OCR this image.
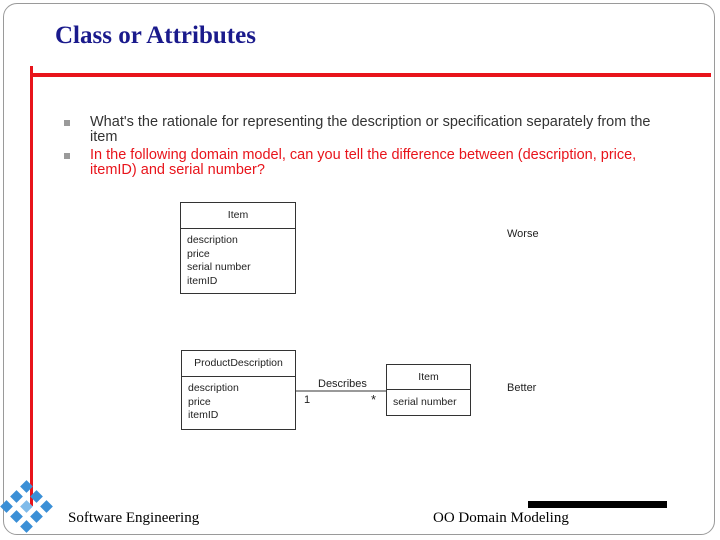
Class or Attributes
What's the rationale for representing the description or specification separately from the item
In the following domain model, can you tell the difference between (description, price, itemID) and serial number?
Item
description
price
serial number
itemID
Worse
ProductDescription
description
price
itemID
Describes
1	*
Item
serial number
Better
Software Engineering	OO Domain Modeling
